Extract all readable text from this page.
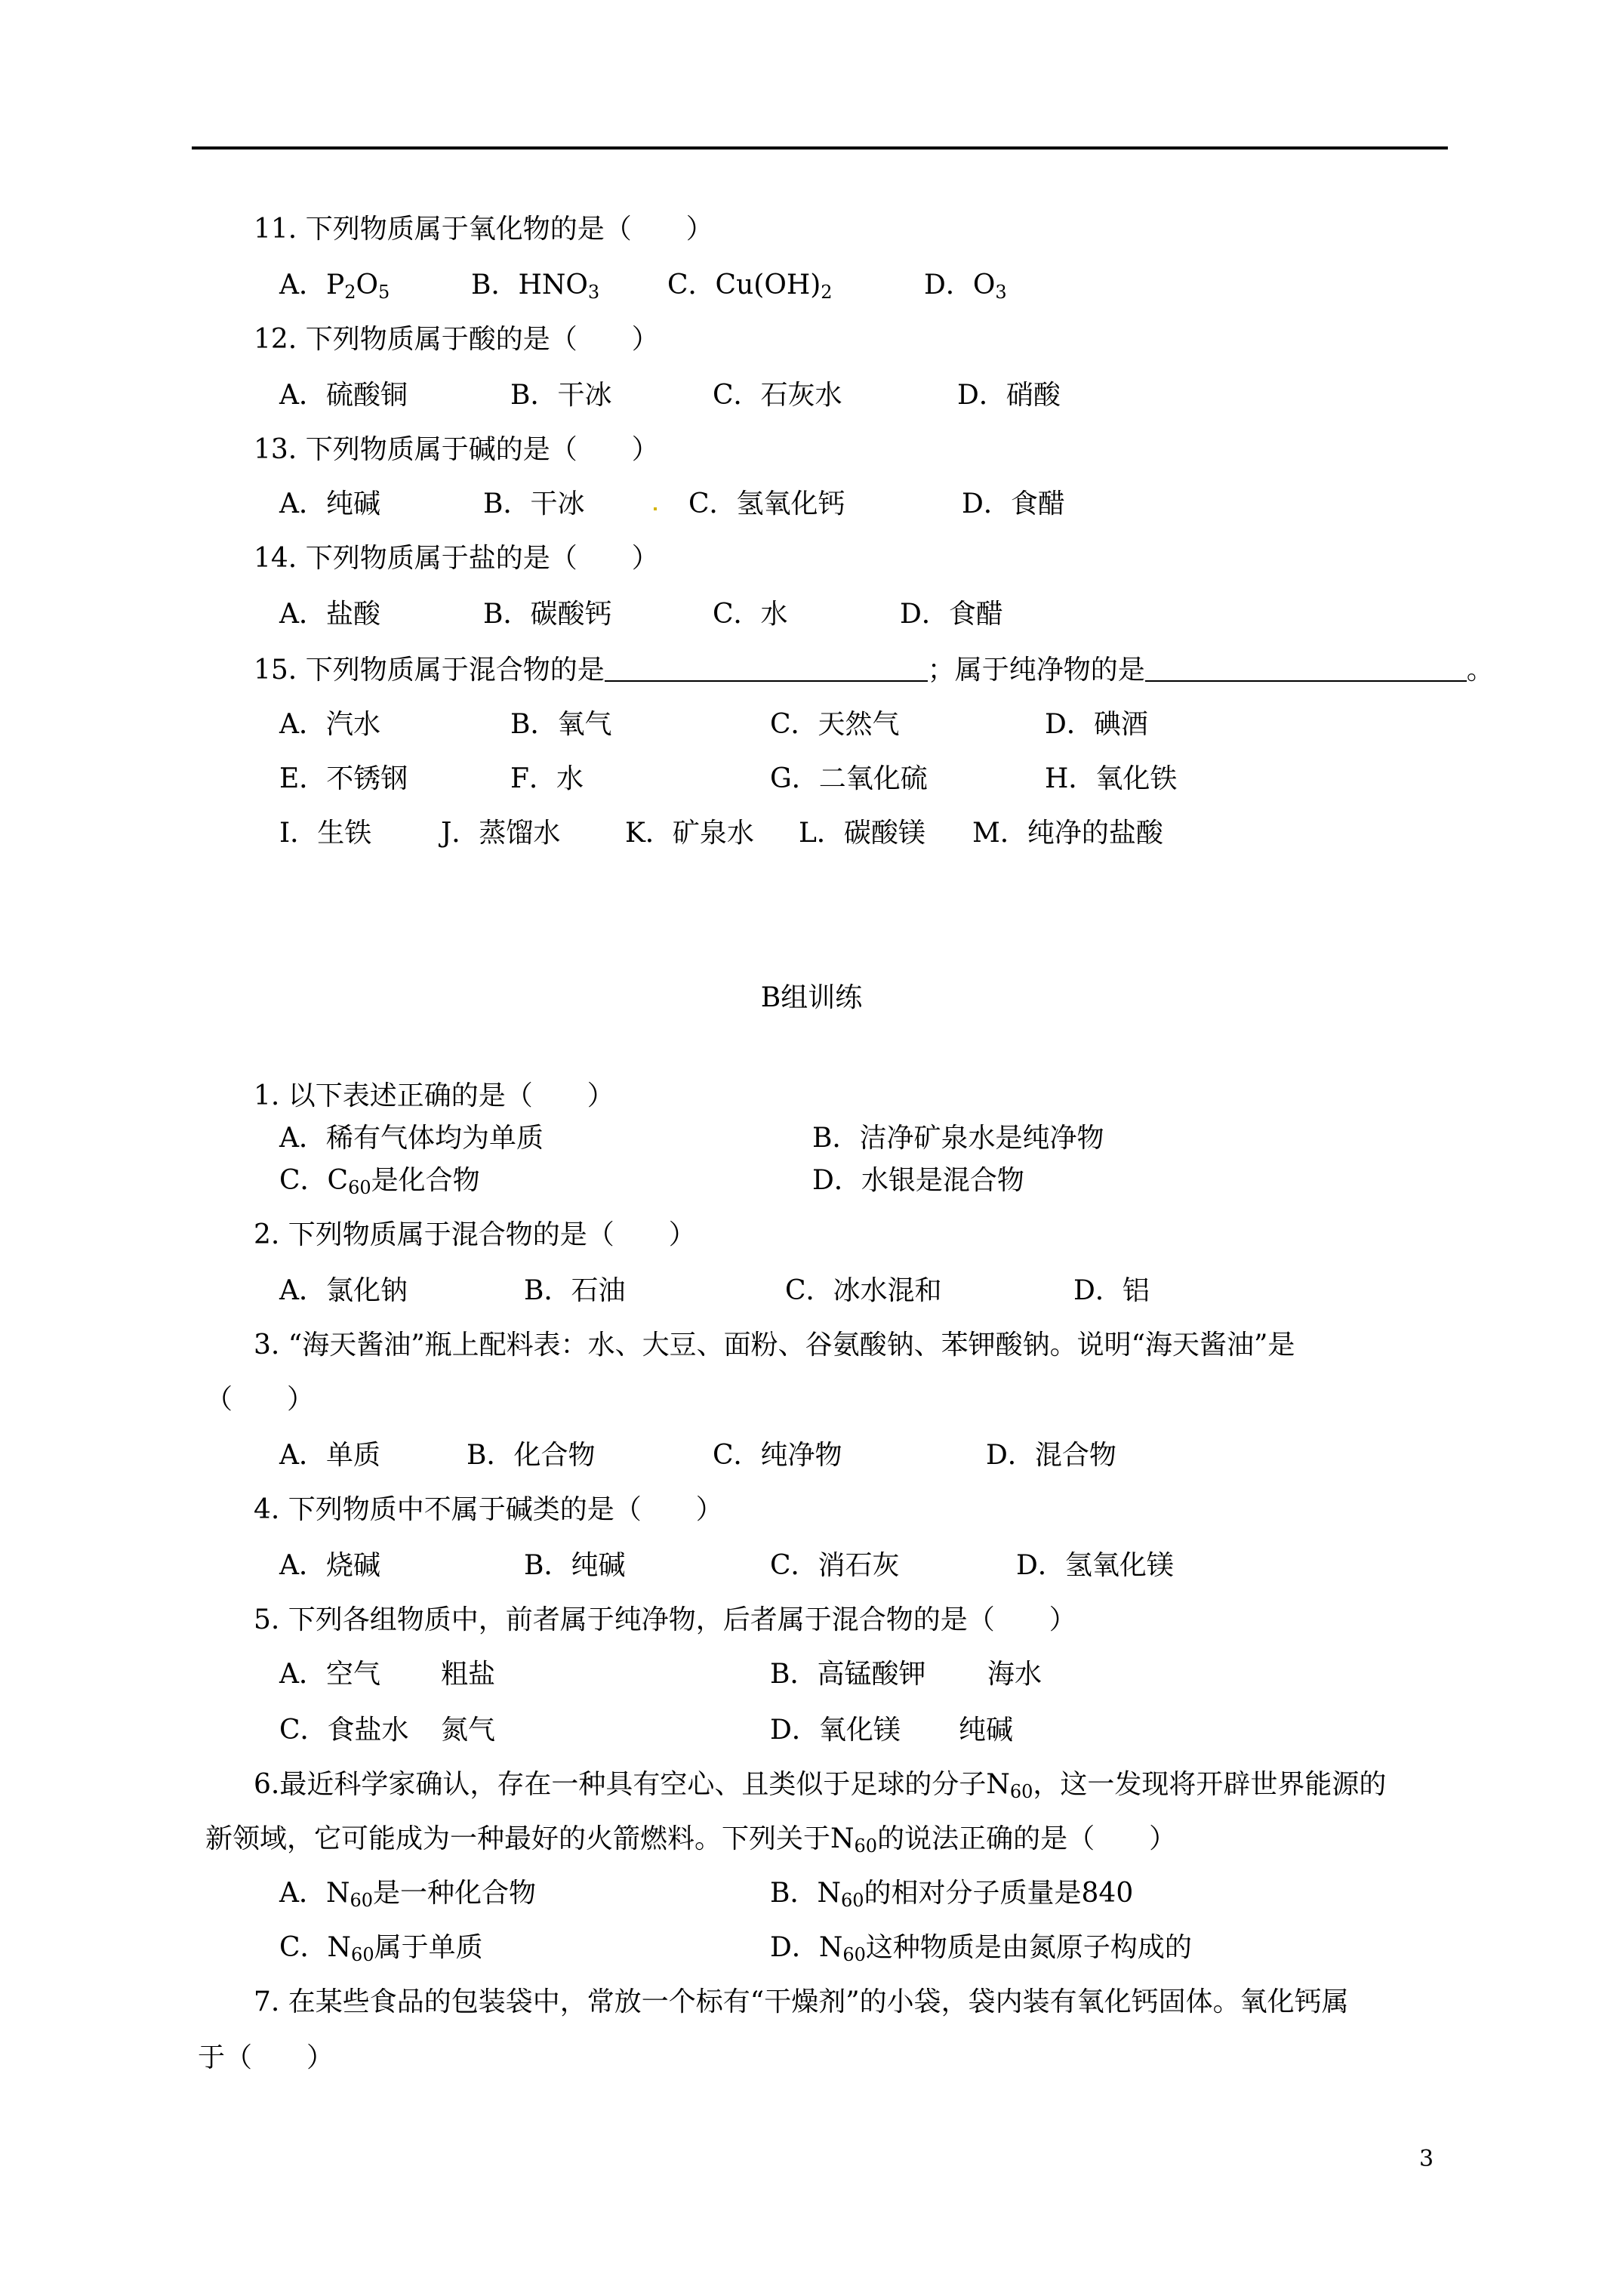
11. 下列物质属于氧化物的是（　　）
A．$P_2O_5$	B．$HNO_3$ C．$Cu(OH)_2$	D．$O_3$
12. 下列物质属于酸的是（　　）
A．硫酸铜	B．干冰	C．石灰水	D．硝酸
13. 下列物质属于碱的是（　　）
A．纯碱	B．干冰	C．氢氧化钙	D．食醋
14. 下列物质属于盐的是（　　）
A．盐酸	B．碳酸钙	C．水	D．食醋
15. 下列物质属于混合物的是	；属于纯净物的是	。
A．汽水	B．氧气	C．天然气	D．碘酒
E．不锈钢	F．水	G．二氧化硫	H．氧化铁
I．生铁	J．蒸馏水 K．矿泉水 L．碳酸镁 M．纯净的盐酸
B组训练
1. 以下表述正确的是（　　）
A．稀有气体均为单质	B．洁净矿泉水是纯净物
C．$C_{60}$是化合物	D．水银是混合物
2. 下列物质属于混合物的是（　　）
A．氯化钠	B．石油	C．冰水混和	D．铝
3. “海天酱油”瓶上配料表：水、大豆、面粉、谷氨酸钠、苯钾酸钠。说明“海天酱油”是
（　　）
A．单质	B．化合物	C．纯净物	D．混合物
4. 下列物质中不属于碱类的是（　　）
A．烧碱	B．纯碱	C．消石灰	D．氢氧化镁
5. 下列各组物质中，前者属于纯净物，后者属于混合物的是（　　）
A．空气 粗盐	B．高锰酸钾 海水
C．食盐水 氮气	D．氧化镁 纯碱
6.最近科学家确认，存在一种具有空心、且类似于足球的分子$N_{60}$，这一发现将开辟世界能源的
新领域，它可能成为一种最好的火箭燃料。下列关于$N_{60}$的说法正确的是（　　）
A．$N_{60}$是一种化合物	B．$N_{60}$的相对分子质量是840
C．$N_{60}$属于单质	D．$N_{60}$这种物质是由氮原子构成的
7. 在某些食品的包装袋中，常放一个标有“干燥剂”的小袋，袋内装有氧化钙固体。氧化钙属
于（　　）
3
